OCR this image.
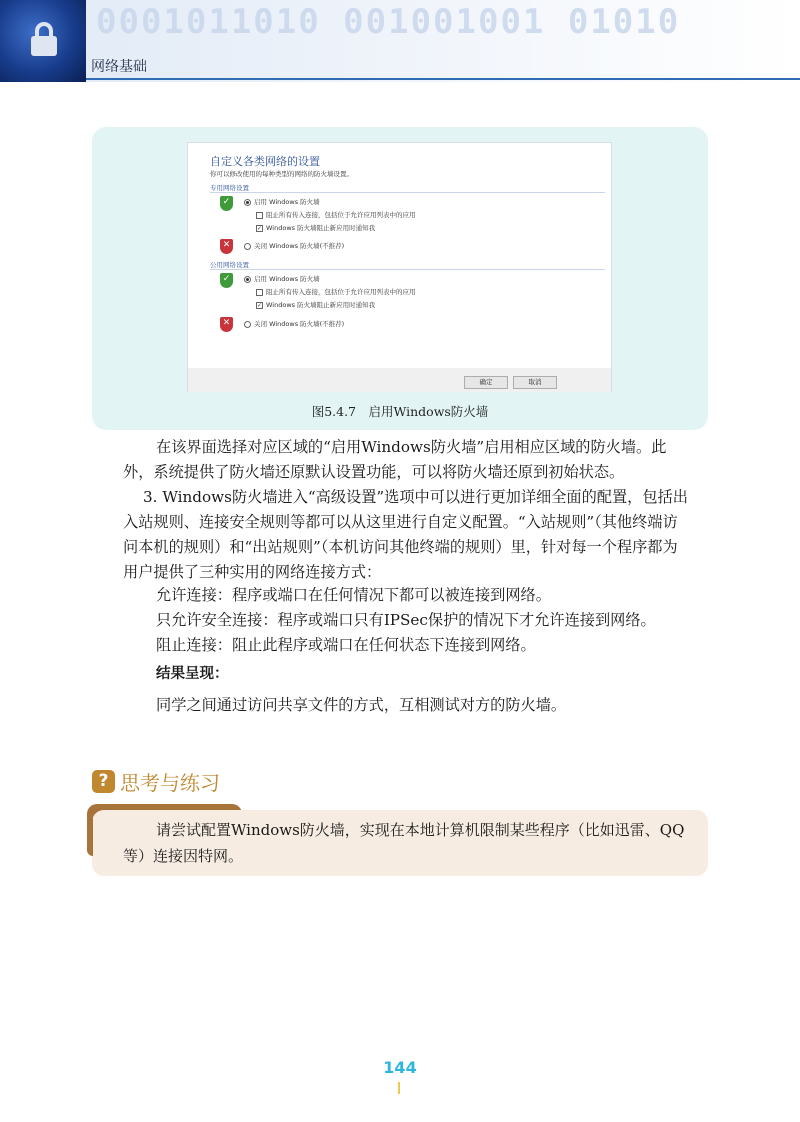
0001011010 001001001 01010
网络基础
自定义各类网络的设置
你可以修改使用的每种类型的网络的防火墙设置。
专用网络设置
✓	启用 Windows 防火墙
阻止所有传入连接，包括位于允许应用列表中的应用
✓ Windows 防火墙阻止新应用时通知我
✕	关闭 Windows 防火墙(不推荐)
公用网络设置
✓	启用 Windows 防火墙
阻止所有传入连接，包括位于允许应用列表中的应用
✓ Windows 防火墙阻止新应用时通知我
✕	关闭 Windows 防火墙(不推荐)
确定	取消
图5.4.7　启用Windows防火墙
在该界面选择对应区域的“启用Windows防火墙”启用相应区域的防火墙。此外，系统提供了防火墙还原默认设置功能，可以将防火墙还原到初始状态。
3. Windows防火墙进入“高级设置”选项中可以进行更加详细全面的配置，包括出入站规则、连接安全规则等都可以从这里进行自定义配置。“入站规则”（其他终端访问本机的规则）和“出站规则”（本机访问其他终端的规则）里，针对每一个程序都为用户提供了三种实用的网络连接方式：
允许连接：程序或端口在任何情况下都可以被连接到网络。
只允许安全连接：程序或端口只有IPSec保护的情况下才允许连接到网络。
阻止连接：阻止此程序或端口在任何状态下连接到网络。
结果呈现：
同学之间通过访问共享文件的方式，互相测试对方的防火墙。
? 思考与练习
请尝试配置Windows防火墙，实现在本地计算机限制某些程序（比如迅雷、QQ等）连接因特网。
144
